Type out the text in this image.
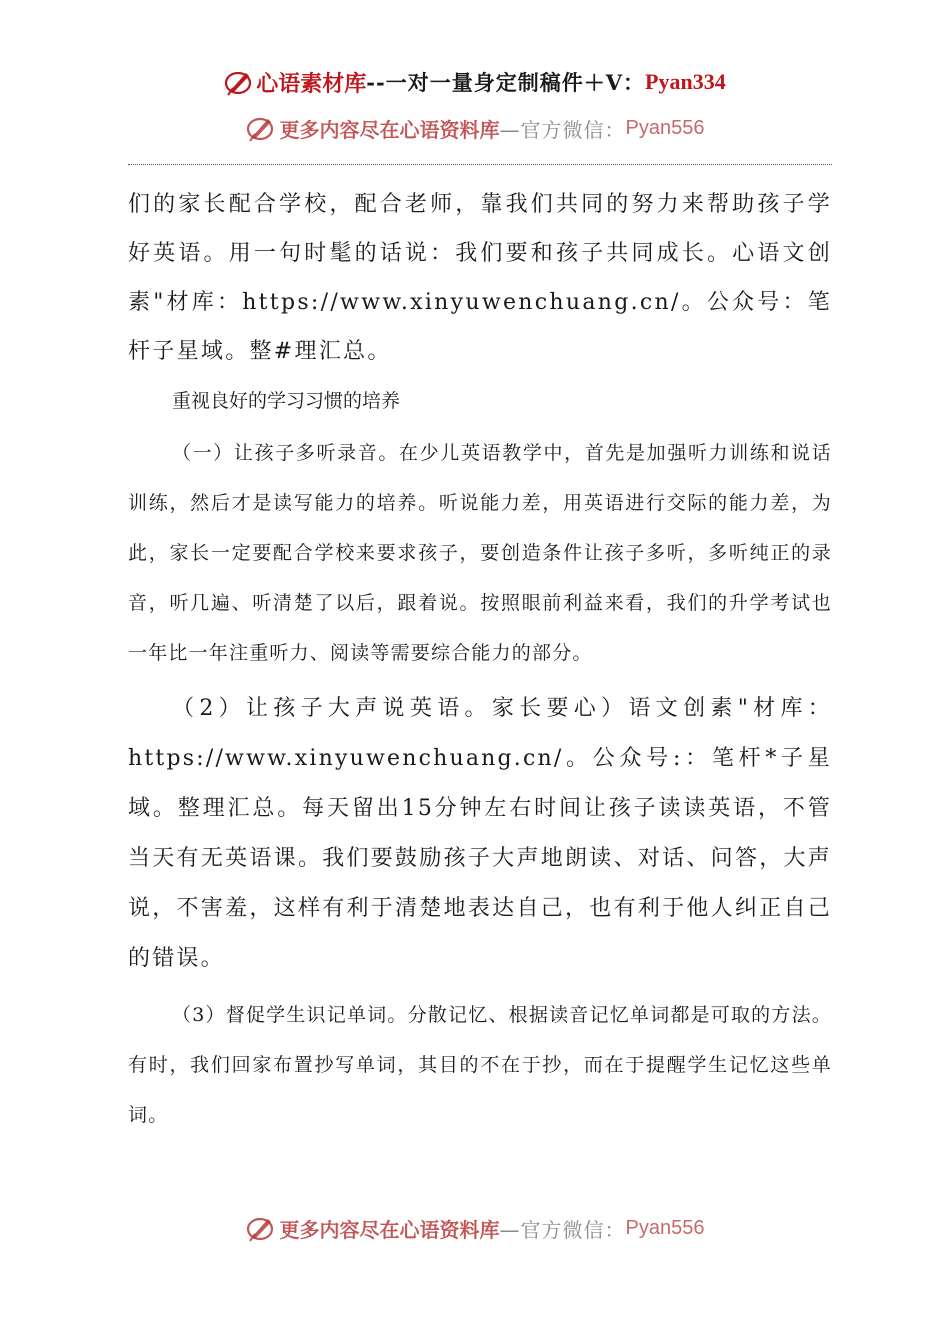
心语素材库 --一对一量身定制稿件＋V： Pyan334
更多内容尽在心语资料库 —官方微信： Pyan556

们的家长配合学校，配合老师，靠我们共同的努力来帮助孩子学好英语。用一句时髦的话说：我们要和孩子共同成长。心语文创素"材库：https://www.xinyuwenchuang.cn/。公众号：笔杆子星域。整#理汇总。

重视良好的学习习惯的培养

（一）让孩子多听录音。在少儿英语教学中，首先是加强听力训练和说话训练，然后才是读写能力的培养。听说能力差，用英语进行交际的能力差，为此，家长一定要配合学校来要求孩子，要创造条件让孩子多听，多听纯正的录音，听几遍、听清楚了以后，跟着说。按照眼前利益来看，我们的升学考试也一年比一年注重听力、阅读等需要综合能力的部分。

（2）让孩子大声说英语。家长要心）语文创素"材库：https://www.xinyuwenchuang.cn/。公众号:：笔杆*子星域。整理汇总。每天留出15分钟左右时间让孩子读读英语，不管当天有无英语课。我们要鼓励孩子大声地朗读、对话、问答，大声说，不害羞，这样有利于清楚地表达自己，也有利于他人纠正自己的错误。

（3）督促学生识记单词。分散记忆、根据读音记忆单词都是可取的方法。有时，我们回家布置抄写单词，其目的不在于抄，而在于提醒学生记忆这些单词。

更多内容尽在心语资料库 —官方微信： Pyan556
